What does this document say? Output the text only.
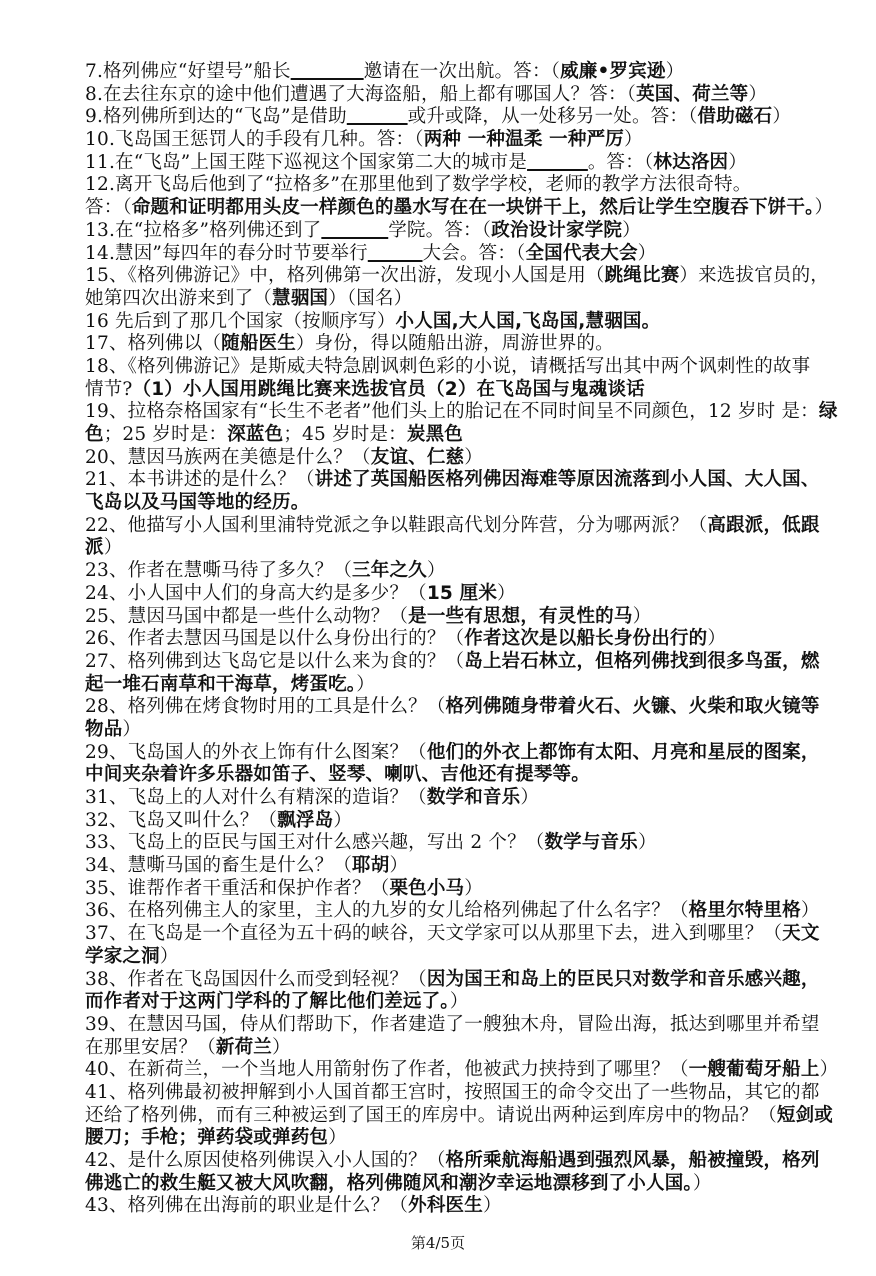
7.格列佛应“好望号”船长	邀请在一次出航。答：（威廉•罗宾逊）
8.在去往东京的途中他们遭遇了大海盗船，船上都有哪国人？答：（英国、荷兰等）
9.格列佛所到达的“飞岛”是借助	或升或降，从一处移另一处。答：（借助磁石）
10.飞岛国王惩罚人的手段有几种。答：（两种 一种温柔 一种严厉）
11.在“飞岛”上国王陛下巡视这个国家第二大的城市是	。答：（林达洛因）
12.离开飞岛后他到了“拉格多”在那里他到了数学学校，老师的教学方法很奇特。
答：（命题和证明都用头皮一样颜色的墨水写在在一块饼干上，然后让学生空腹吞下饼干。）
13.在“拉格多”格列佛还到了	学院。答：（政治设计家学院）
14.慧因”每四年的春分时节要举行	大会。答：（全国代表大会）
15、《格列佛游记》中，格列佛第一次出游，发现小人国是用（跳绳比赛）来选拔官员的，
她第四次出游来到了（慧骃国）（国名）
16 先后到了那几个国家（按顺序写）小人国,大人国,飞岛国,慧骃国。
17、格列佛以（随船医生）身份，得以随船出游，周游世界的。
18、《格列佛游记》是斯威夫特急剧讽刺色彩的小说，请概括写出其中两个讽刺性的故事
情节?（1）小人国用跳绳比赛来选拔官员（2）在飞岛国与鬼魂谈话
19、拉格奈格国家有“长生不老者”他们头上的胎记在不同时间呈不同颜色，12 岁时 是：绿
色；25 岁时是：深蓝色；45 岁时是：炭黑色
20、慧因马族两在美德是什么？（友谊、仁慈）
21、本书讲述的是什么？（讲述了英国船医格列佛因海难等原因流落到小人国、大人国、
飞岛以及马国等地的经历。
22、他描写小人国利里浦特党派之争以鞋跟高代划分阵营，分为哪两派？（高跟派，低跟
派）
23、作者在慧嘶马待了多久？（三年之久）
24、小人国中人们的身高大约是多少？（15 厘米）
25、慧因马国中都是一些什么动物？（是一些有思想，有灵性的马）
26、作者去慧因马国是以什么身份出行的？（作者这次是以船长身份出行的）
27、格列佛到达飞岛它是以什么来为食的？（岛上岩石林立，但格列佛找到很多鸟蛋，燃
起一堆石南草和干海草，烤蛋吃。）
28、格列佛在烤食物时用的工具是什么？（格列佛随身带着火石、火镰、火柴和取火镜等
物品）
29、飞岛国人的外衣上饰有什么图案？（他们的外衣上都饰有太阳、月亮和星辰的图案，
中间夹杂着许多乐器如笛子、竖琴、喇叭、吉他还有提琴等。
31、飞岛上的人对什么有精深的造诣？（数学和音乐）
32、飞岛又叫什么？（飘浮岛）
33、飞岛上的臣民与国王对什么感兴趣，写出 2 个？（数学与音乐）
34、慧嘶马国的畜生是什么？（耶胡）
35、谁帮作者干重活和保护作者？（栗色小马）
36、在格列佛主人的家里，主人的九岁的女儿给格列佛起了什么名字？（格里尔特里格）
37、在飞岛是一个直径为五十码的峡谷，天文学家可以从那里下去，进入到哪里？（天文
学家之洞）
38、作者在飞岛国因什么而受到轻视？（因为国王和岛上的臣民只对数学和音乐感兴趣，
而作者对于这两门学科的了解比他们差远了。）
39、在慧因马国，侍从们帮助下，作者建造了一艘独木舟，冒险出海，抵达到哪里并希望
在那里安居？（新荷兰）
40、在新荷兰，一个当地人用箭射伤了作者，他被武力挟持到了哪里？（一艘葡萄牙船上）
41、格列佛最初被押解到小人国首都王宫时，按照国王的命令交出了一些物品，其它的都
还给了格列佛，而有三种被运到了国王的库房中。请说出两种运到库房中的物品？（短剑或
腰刀；手枪；弹药袋或弹药包）
42、是什么原因使格列佛误入小人国的？（格所乘航海船遇到强烈风暴，船被撞毁，格列
佛逃亡的救生艇又被大风吹翻，格列佛随风和潮汐幸运地漂移到了小人国。）
43、格列佛在出海前的职业是什么？（外科医生）
第4/5页
